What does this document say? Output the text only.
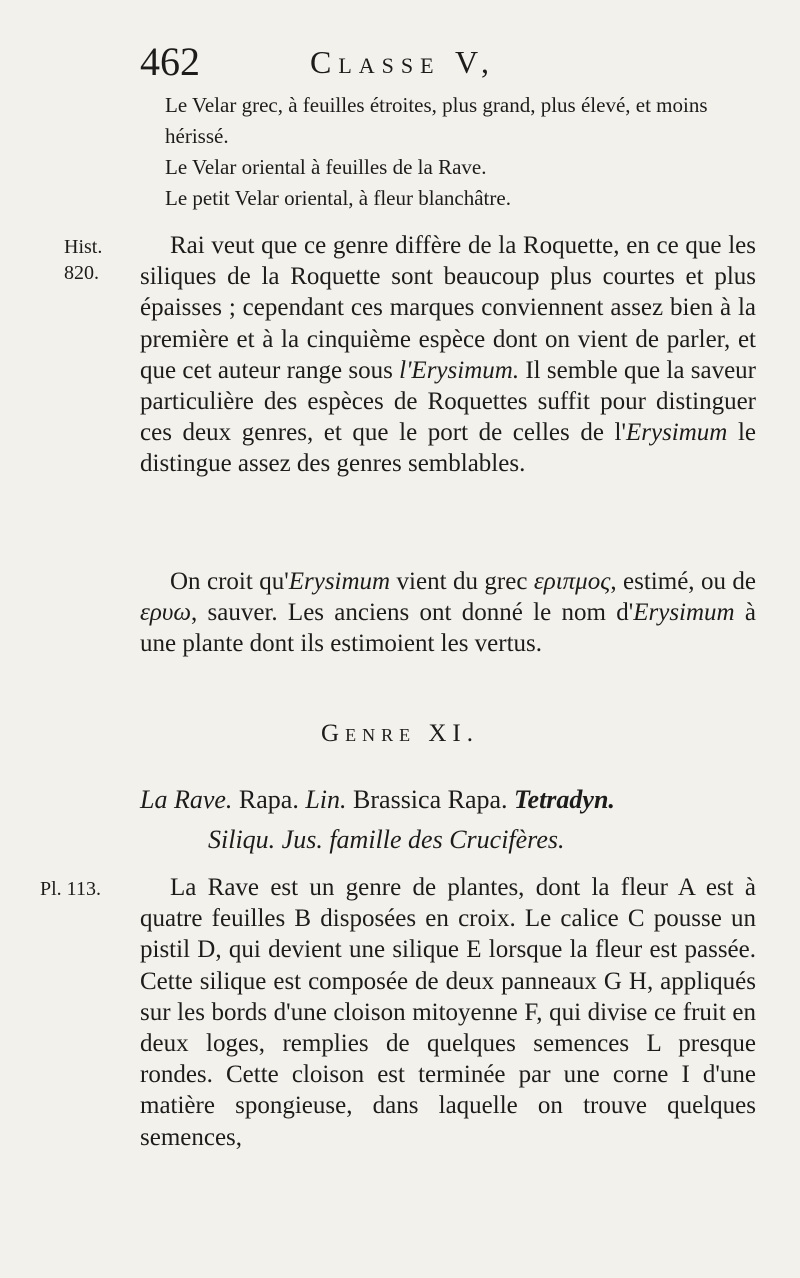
462	Classe V,
Le Velar grec, à feuilles étroites, plus grand, plus élevé, et moins hérissé.
Le Velar oriental à feuilles de la Rave.
Le petit Velar oriental, à fleur blanchâtre.
Hist.
820.

Rai veut que ce genre diffère de la Roquette, en ce que les siliques de la Roquette sont beaucoup plus courtes et plus épaisses ; cependant ces marques conviennent assez bien à la première et à la cinquième espèce dont on vient de parler, et que cet auteur range sous l'Erysimum. Il semble que la saveur particulière des espèces de Roquettes suffit pour distinguer ces deux genres, et que le port de celles de l'Erysimum le distingue assez des genres semblables.

On croit qu'Erysimum vient du grec εριπμος, estimé, ou de ερυω, sauver. Les anciens ont donné le nom d'Erysimum à une plante dont ils estimoient les vertus.

Genre XI.
La Rave. Rapa. Lin. Brassica Rapa. Tetradyn.
Siliqu. Jus. famille des Crucifères.
Pl. 113.	La Rave est un genre de plantes, dont la fleur A est à quatre feuilles B disposées en croix. Le calice C pousse un pistil D, qui devient une silique E lorsque la fleur est passée. Cette silique est composée de deux panneaux G H, appliqués sur les bords d'une cloison mitoyenne F, qui divise ce fruit en deux loges, remplies de quelques semences L presque rondes. Cette cloison est terminée par une corne I d'une matière spongieuse, dans laquelle on trouve quelques semences,
